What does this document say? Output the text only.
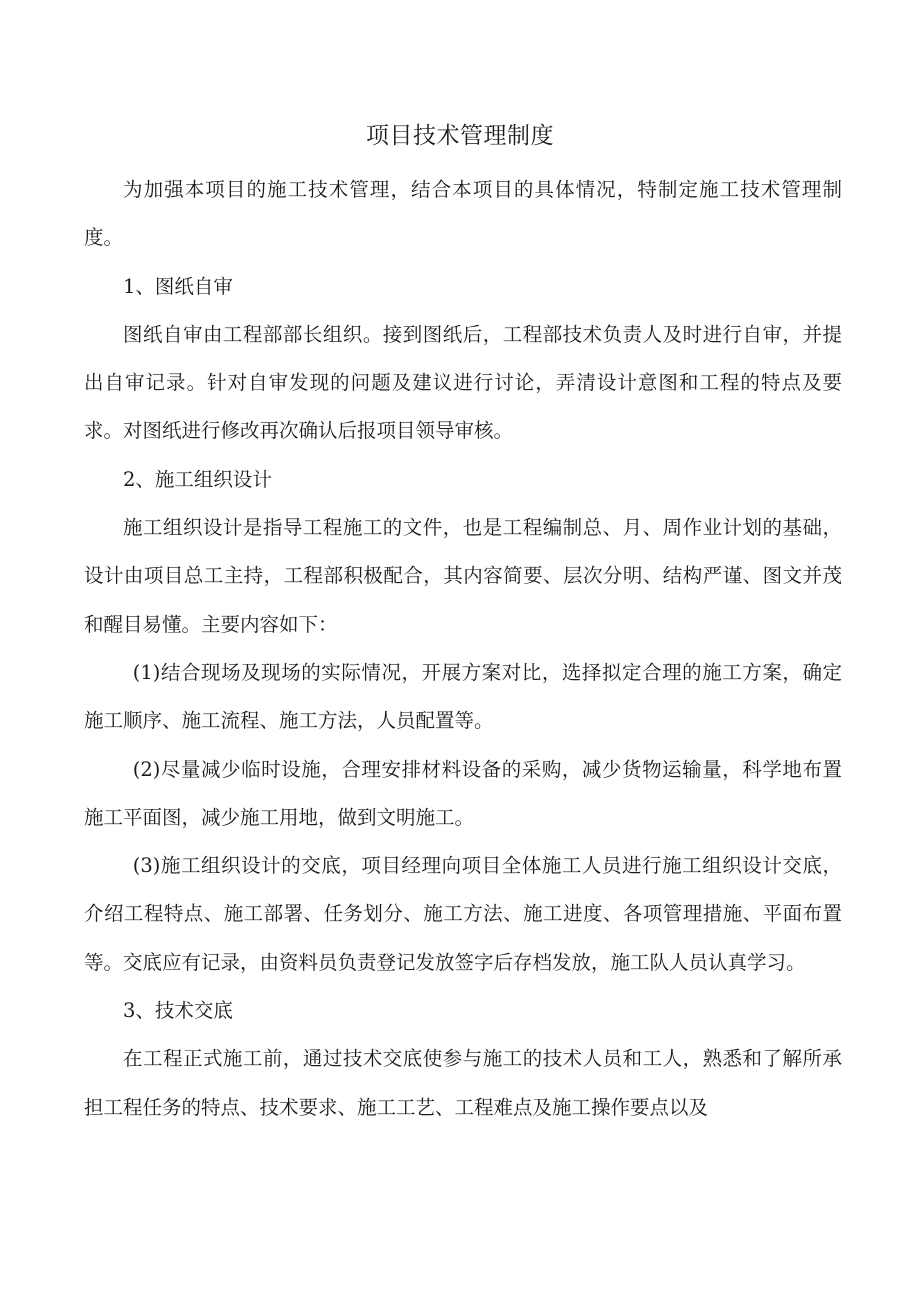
项目技术管理制度

为加强本项目的施工技术管理，结合本项目的具体情况，特制定施工技术管理制度。

1、图纸自审

图纸自审由工程部部长组织。接到图纸后，工程部技术负责人及时进行自审，并提出自审记录。针对自审发现的问题及建议进行讨论，弄清设计意图和工程的特点及要求。对图纸进行修改再次确认后报项目领导审核。

2、施工组织设计

施工组织设计是指导工程施工的文件，也是工程编制总、月、周作业计划的基础，设计由项目总工主持，工程部积极配合，其内容简要、层次分明、结构严谨、图文并茂和醒目易懂。主要内容如下：

(1)结合现场及现场的实际情况，开展方案对比，选择拟定合理的施工方案，确定施工顺序、施工流程、施工方法，人员配置等。

(2)尽量减少临时设施，合理安排材料设备的采购，减少货物运输量，科学地布置施工平面图，减少施工用地，做到文明施工。

(3)施工组织设计的交底，项目经理向项目全体施工人员进行施工组织设计交底，介绍工程特点、施工部署、任务划分、施工方法、施工进度、各项管理措施、平面布置等。交底应有记录，由资料员负责登记发放签字后存档发放，施工队人员认真学习。

3、技术交底

在工程正式施工前，通过技术交底使参与施工的技术人员和工人，熟悉和了解所承担工程任务的特点、技术要求、施工工艺、工程难点及施工操作要点以及
